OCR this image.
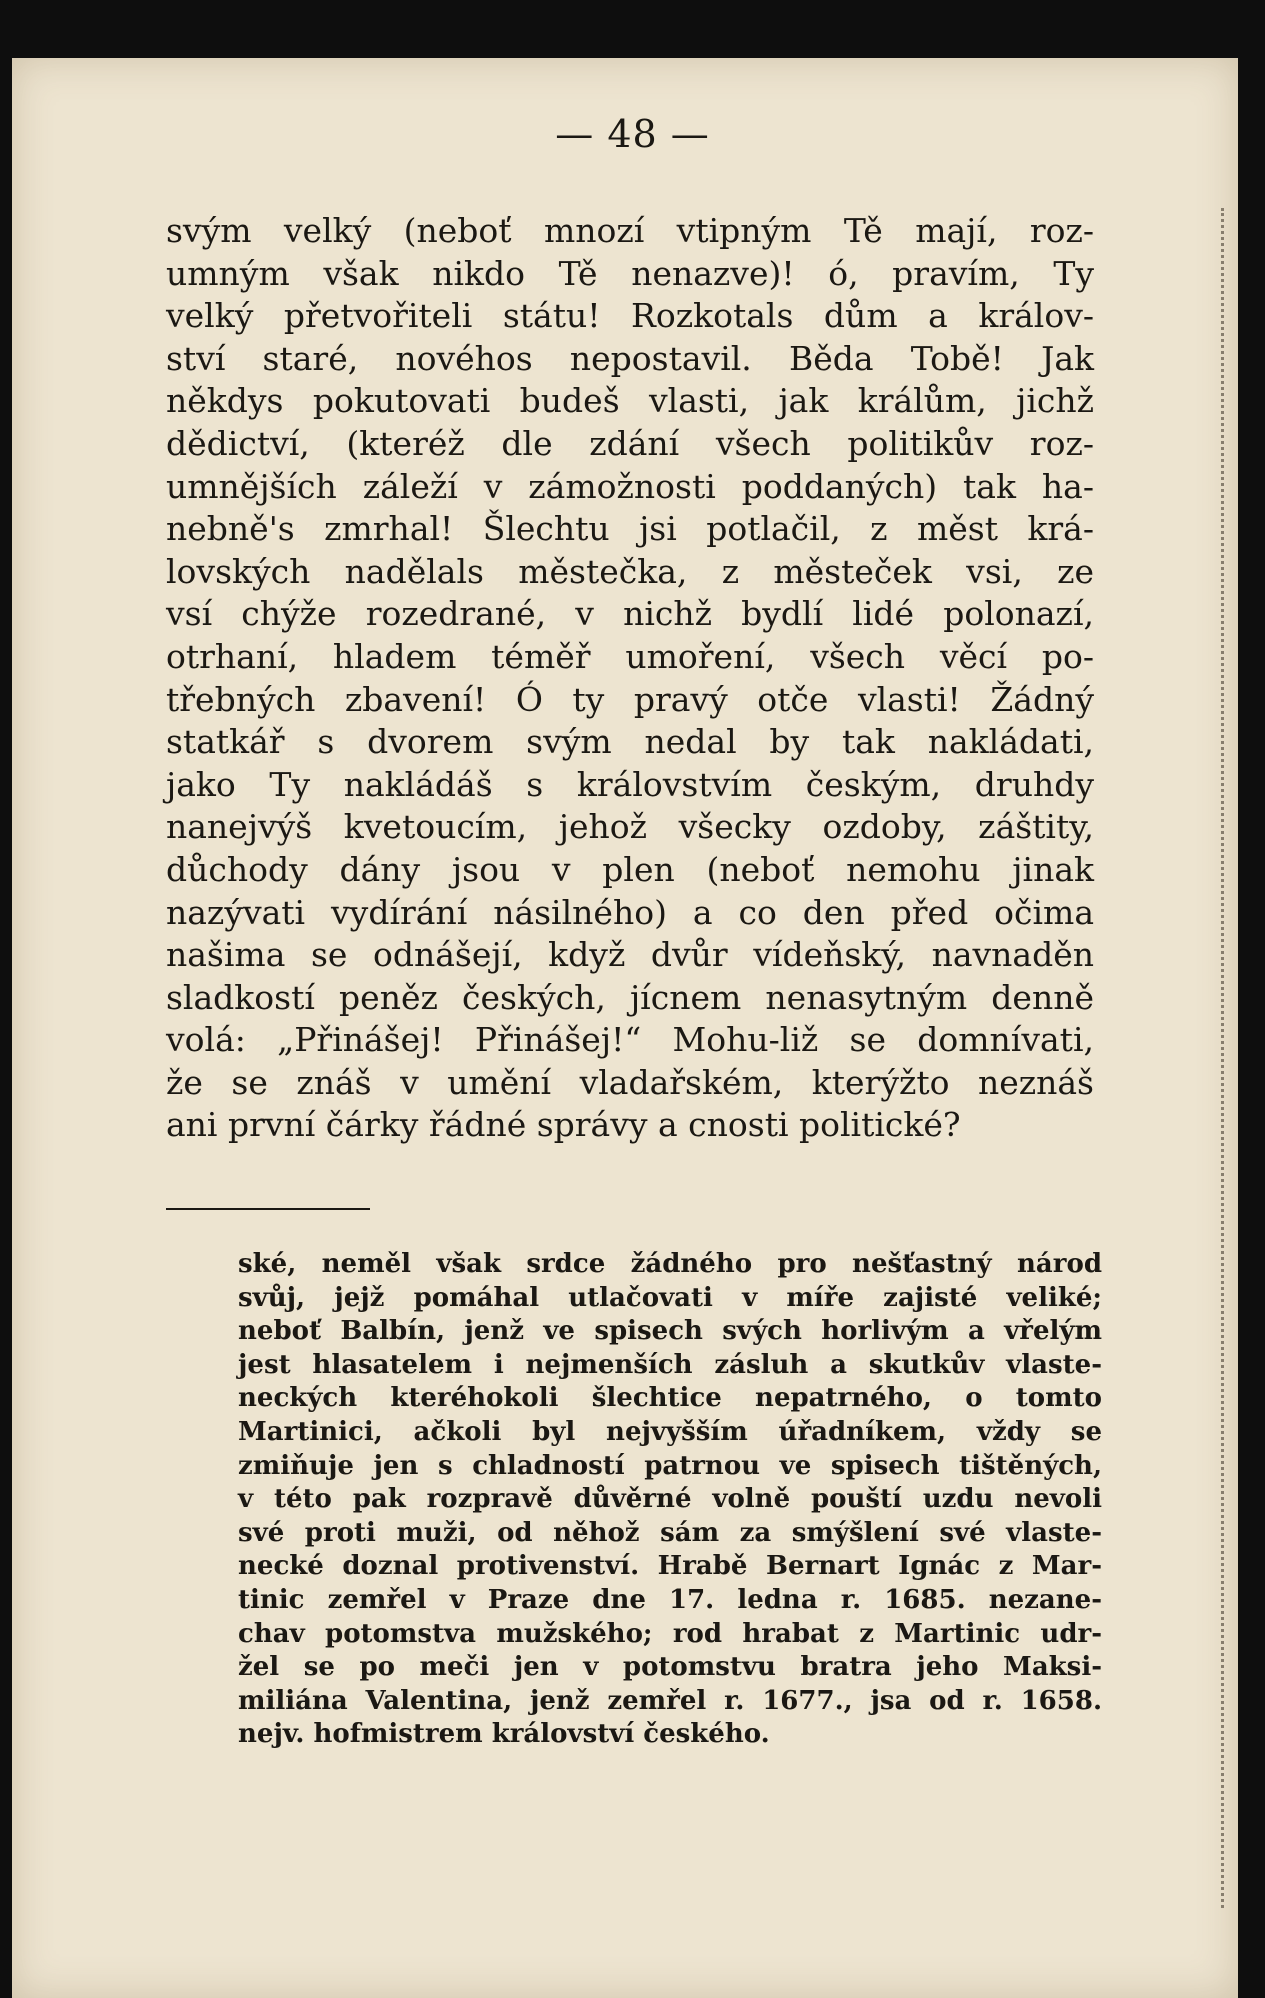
— 48 —
svým velký (neboť mnozí vtipným Tě mají, roz-
umným však nikdo Tě nenazve)! ó, pravím, Ty
velký přetvořiteli státu! Rozkotals dům a králov-
ství staré, novéhos nepostavil. Běda Tobě! Jak
někdys pokutovati budeš vlasti, jak králům, jichž
dědictví, (kteréž dle zdání všech politikův roz-
umnějších záleží v zámožnosti poddaných) tak ha-
nebně's zmrhal! Šlechtu jsi potlačil, z měst krá-
lovských nadělals městečka, z městeček vsi, ze
vsí chýže rozedrané, v nichž bydlí lidé polonazí,
otrhaní, hladem téměř umoření, všech věcí po-
třebných zbavení! Ó ty pravý otče vlasti! Žádný
statkář s dvorem svým nedal by tak nakládati,
jako Ty nakládáš s královstvím českým, druhdy
nanejvýš kvetoucím, jehož všecky ozdoby, záštity,
důchody dány jsou v plen (neboť nemohu jinak
nazývati vydírání násilného) a co den před očima
našima se odnášejí, když dvůr vídeňský, navnaděn
sladkostí peněz českých, jícnem nenasytným denně
volá: „Přinášej! Přinášej!“ Mohu-liž se domnívati,
že se znáš v umění vladařském, kterýžto neznáš
ani první čárky řádné správy a cnosti politické?
ské, neměl však srdce žádného pro nešťastný národ
svůj, jejž pomáhal utlačovati v míře zajisté veliké;
neboť Balbín, jenž ve spisech svých horlivým a vřelým
jest hlasatelem i nejmenších zásluh a skutkův vlaste-
neckých kteréhokoli šlechtice nepatrného, o tomto
Martinici, ačkoli byl nejvyšším úřadníkem, vždy se
zmiňuje jen s chladností patrnou ve spisech tištěných,
v této pak rozpravě důvěrné volně pouští uzdu nevoli
své proti muži, od něhož sám za smýšlení své vlaste-
necké doznal protivenství. Hrabě Bernart Ignác z Mar-
tinic zemřel v Praze dne 17. ledna r. 1685. nezane-
chav potomstva mužského; rod hrabat z Martinic udr-
žel se po meči jen v potomstvu bratra jeho Maksi-
miliána Valentina, jenž zemřel r. 1677., jsa od r. 1658.
nejv. hofmistrem království českého.
